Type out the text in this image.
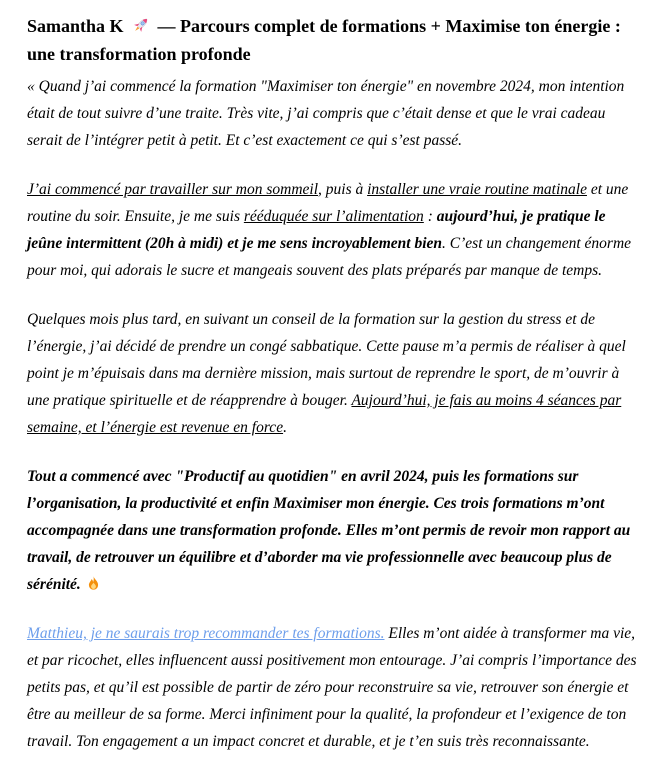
Samantha K  — Parcours complet de formations + Maximise ton énergie : une transformation profonde

« Quand j’ai commencé la formation "Maximiser ton énergie" en novembre 2024, mon intention était de tout suivre d’une traite. Très vite, j’ai compris que c’était dense et que le vrai cadeau serait de l’intégrer petit à petit. Et c’est exactement ce qui s’est passé.

J’ai commencé par travailler sur mon sommeil, puis à installer une vraie routine matinale et une routine du soir. Ensuite, je me suis rééduquée sur l’alimentation : aujourd’hui, je pratique le jeûne intermittent (20h à midi) et je me sens incroyablement bien. C’est un changement énorme pour moi, qui adorais le sucre et mangeais souvent des plats préparés par manque de temps.

Quelques mois plus tard, en suivant un conseil de la formation sur la gestion du stress et de l’énergie, j’ai décidé de prendre un congé sabbatique. Cette pause m’a permis de réaliser à quel point je m’épuisais dans ma dernière mission, mais surtout de reprendre le sport, de m’ouvrir à une pratique spirituelle et de réapprendre à bouger. Aujourd’hui, je fais au moins 4 séances par semaine, et l’énergie est revenue en force.

Tout a commencé avec "Productif au quotidien" en avril 2024, puis les formations sur l’organisation, la productivité et enfin Maximiser mon énergie. Ces trois formations m’ont accompagnée dans une transformation profonde. Elles m’ont permis de revoir mon rapport au travail, de retrouver un équilibre et d’aborder ma vie professionnelle avec beaucoup plus de sérénité.

Matthieu, je ne saurais trop recommander tes formations. Elles m’ont aidée à transformer ma vie, et par ricochet, elles influencent aussi positivement mon entourage. J’ai compris l’importance des petits pas, et qu’il est possible de partir de zéro pour reconstruire sa vie, retrouver son énergie et être au meilleur de sa forme. Merci infiniment pour la qualité, la profondeur et l’exigence de ton travail. Ton engagement a un impact concret et durable, et je t’en suis très reconnaissante.
